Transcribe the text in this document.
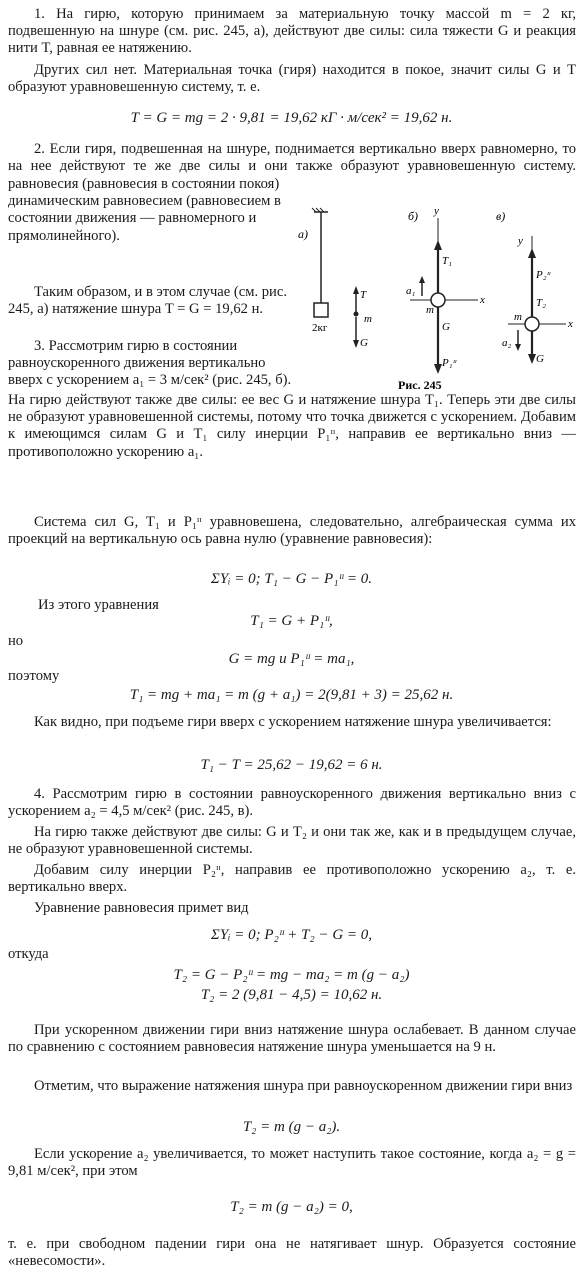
1. На гирю, которую принимаем за материальную точку массой m = 2 кг, подвешенную на шнуре (см. рис. 245, а), действуют две силы: сила тяжести G и реакция нити T, равная ее натяжению.

Других сил нет. Материальная точка (гиря) находится в покое, значит силы G и T образуют уравновешенную систему, т. е.

T = G = mg = 2 · 9,81 = 19,62 кГ · м/сек² = 19,62 н.

2. Если гиря, подвешенная на шнуре, поднимается вертикально вверх равномерно, то на нее действуют те же две силы и они также образуют уравновешенную систему.

равновесия (равновесия в состоянии покоя) динамическим равновесием (равновесием в состоянии движения — равномерного и прямолинейного).

Таким образом, и в этом случае (см. рис. 245, а) натяжение шнура T = G = 19,62 н.

3. Рассмотрим гирю в состоянии равноускоренного движения вертикально вверх с ускорением a₁ = 3 м/сек² (рис. 245, б).

а)
2кг
T
G
m
б) y
x
T₁
a₁
m
G
P₁ᶦᶦ
в)
y
x
P₂ᶦᶦ
T₂
a₂
m
G
Рис. 245

На гирю действуют также две силы: ее вес G и натяжение шнура T₁. Теперь эти две силы не образуют уравновешенной системы, потому что точка движется с ускорением. Добавим к имеющимся силам G и T₁ силу инерции P₁ᶦᶦ, направив ее вертикально вниз — противоположно ускорению a₁.

Система сил G, T₁ и P₁ᶦᶦ уравновешена, следовательно, алгебраическая сумма их проекций на вертикальную ось равна нулю (уравнение равновесия):

ΣYᵢ = 0; T₁ − G − P₁ᶦᶦ = 0.

Из этого уравнения

T₁ = G + P₁ᶦᶦ,

но

G = mg и P₁ᶦᶦ = ma₁,

поэтому

T₁ = mg + ma₁ = m (g + a₁) = 2(9,81 + 3) = 25,62 н.

Как видно, при подъеме гири вверх с ускорением натяжение шнура увеличивается:

T₁ − T = 25,62 − 19,62 = 6 н.

4. Рассмотрим гирю в состоянии равноускоренного движения вертикально вниз с ускорением a₂ = 4,5 м/сек² (рис. 245, в).

На гирю также действуют две силы: G и T₂ и они так же, как и в предыдущем случае, не образуют уравновешенной системы.

Добавим силу инерции P₂ᶦᶦ, направив ее противоположно ускорению a₂, т. е. вертикально вверх.

Уравнение равновесия примет вид

ΣYᵢ = 0; P₂ᶦᶦ + T₂ − G = 0,

откуда

T₂ = G − P₂ᶦᶦ = mg − ma₂ = m (g − a₂)

T₂ = 2 (9,81 − 4,5) = 10,62 н.

При ускоренном движении гири вниз натяжение шнура ослабевает. В данном случае по сравнению с состоянием равновесия натяжение шнура уменьшается на 9 н.

Отметим, что выражение натяжения шнура при равноускоренном движении гири вниз

T₂ = m (g − a₂).

Если ускорение a₂ увеличивается, то может наступить такое состояние, когда a₂ = g = 9,81 м/сек², при этом

T₂ = m (g − a₂) = 0,

т. е. при свободном падении гири она не натягивает шнур. Образуется состояние «невесомости».
